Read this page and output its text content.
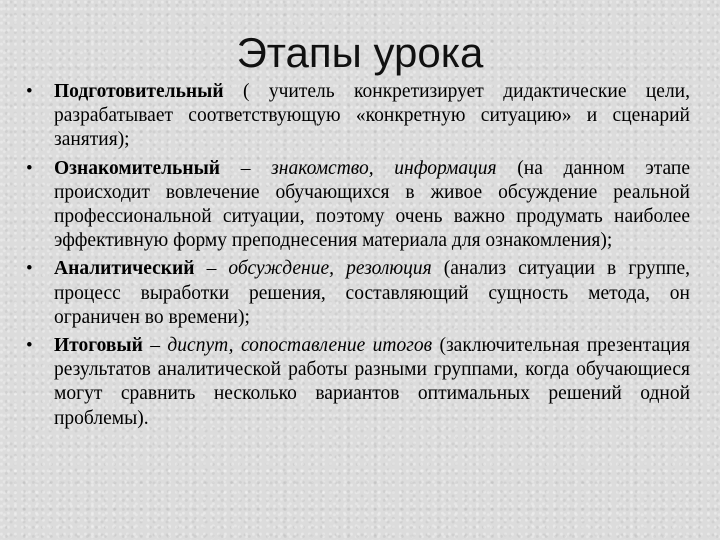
Этапы урока
• Подготовительный ( учитель конкретизирует дидактические цели, разрабатывает соответствующую «конкретную ситуацию» и сценарий занятия);
• Ознакомительный – знакомство, информация (на данном этапе происходит вовлечение обучающихся в живое обсуждение реальной профессиональной ситуации, поэтому очень важно продумать наиболее эффективную форму преподнесения материала для ознакомления);
• Аналитический – обсуждение, резолюция (анализ ситуации в группе, процесс выработки решения, составляющий сущность метода, он ограничен во времени);
• Итоговый – диспут, сопоставление итогов (заключительная презентация результатов аналитической работы разными группами, когда обучающиеся могут сравнить несколько вариантов оптимальных решений одной проблемы).
